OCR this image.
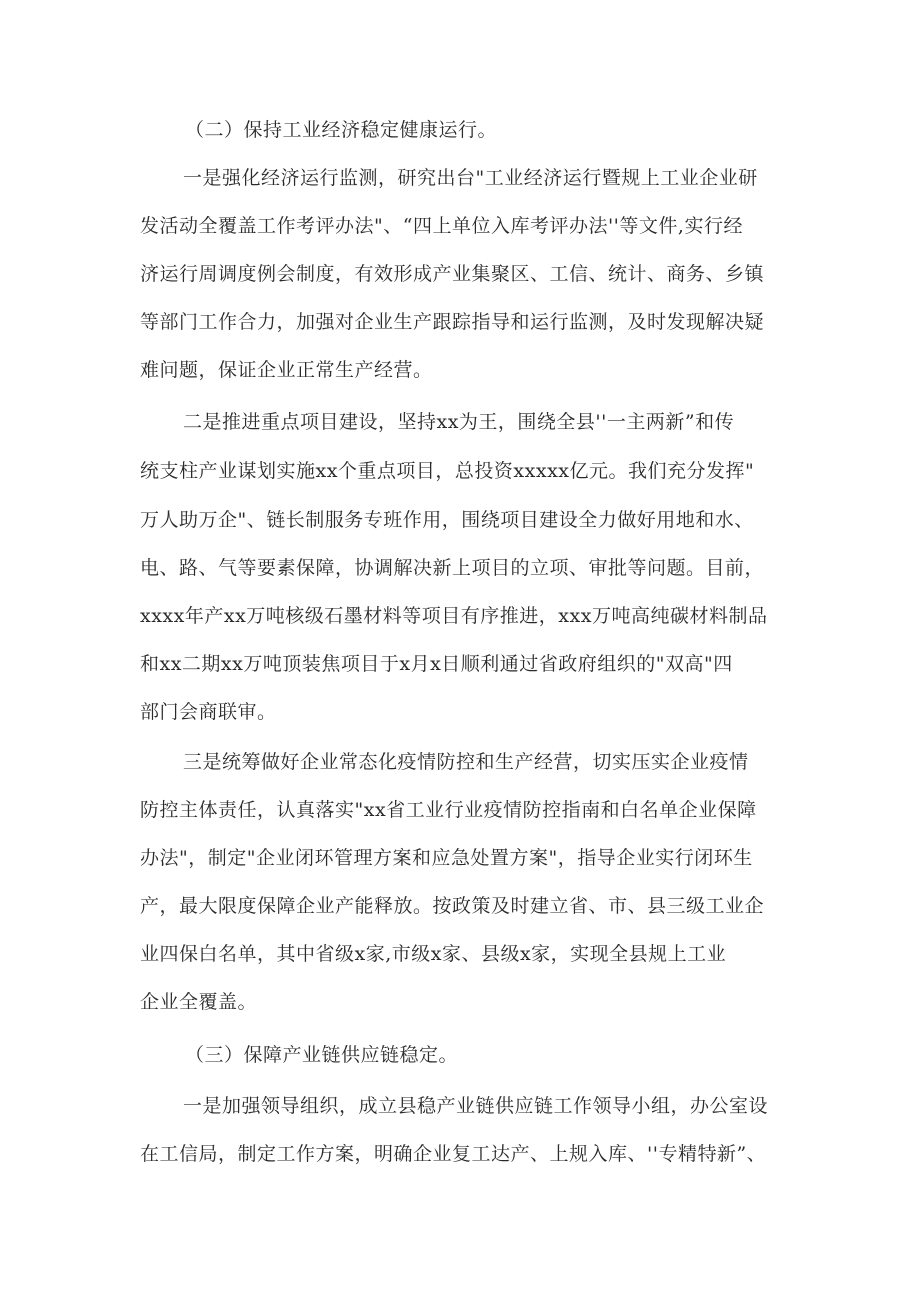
（二）保持工业经济稳定健康运行。
一是强化经济运行监测，研究出台"工业经济运行暨规上工业企业研
发活动全覆盖工作考评办法"、“四上单位入库考评办法''等文件,实行经
济运行周调度例会制度，有效形成产业集聚区、工信、统计、商务、乡镇
等部门工作合力，加强对企业生产跟踪指导和运行监测，及时发现解决疑
难问题，保证企业正常生产经营。
二是推进重点项目建设，坚持xx为王，围绕全县''一主两新”和传
统支柱产业谋划实施xx个重点项目，总投资xxxxx亿元。我们充分发挥"
万人助万企"、链长制服务专班作用，围绕项目建设全力做好用地和水、
电、路、气等要素保障，协调解决新上项目的立项、审批等问题。目前，
xxxx年产xx万吨核级石墨材料等项目有序推进，xxx万吨高纯碳材料制品
和xx二期xx万吨顶装焦项目于x月x日顺利通过省政府组织的"双高"四
部门会商联审。
三是统筹做好企业常态化疫情防控和生产经营，切实压实企业疫情
防控主体责任，认真落实"xx省工业行业疫情防控指南和白名单企业保障
办法"，制定"企业闭环管理方案和应急处置方案"，指导企业实行闭环生
产，最大限度保障企业产能释放。按政策及时建立省、市、县三级工业企
业四保白名单，其中省级x家,市级x家、县级x家，实现全县规上工业
企业全覆盖。
（三）保障产业链供应链稳定。
一是加强领导组织，成立县稳产业链供应链工作领导小组，办公室设
在工信局，制定工作方案，明确企业复工达产、上规入库、''专精特新”、
